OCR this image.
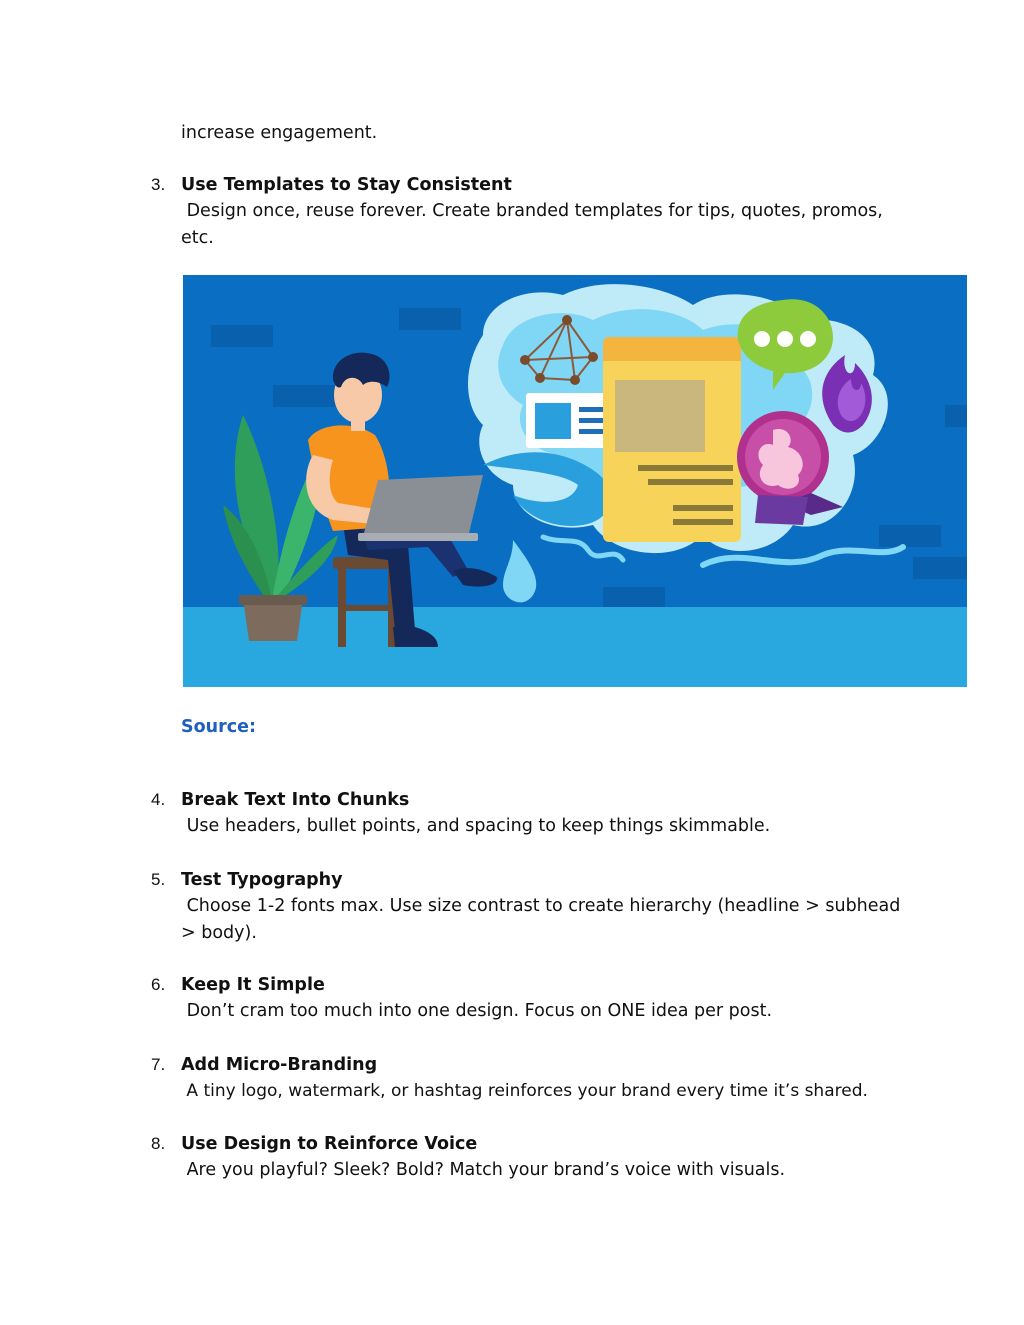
increase engagement.
3. Use Templates to Stay Consistent
Design once, reuse forever. Create branded templates for tips, quotes, promos, etc.
Source:
4. Break Text Into Chunks
Use headers, bullet points, and spacing to keep things skimmable.
5. Test Typography
Choose 1-2 fonts max. Use size contrast to create hierarchy (headline > subhead > body).
6. Keep It Simple
Don’t cram too much into one design. Focus on ONE idea per post.
7. Add Micro-Branding
A tiny logo, watermark, or hashtag reinforces your brand every time it’s shared.
8. Use Design to Reinforce Voice
Are you playful? Sleek? Bold? Match your brand’s voice with visuals.
